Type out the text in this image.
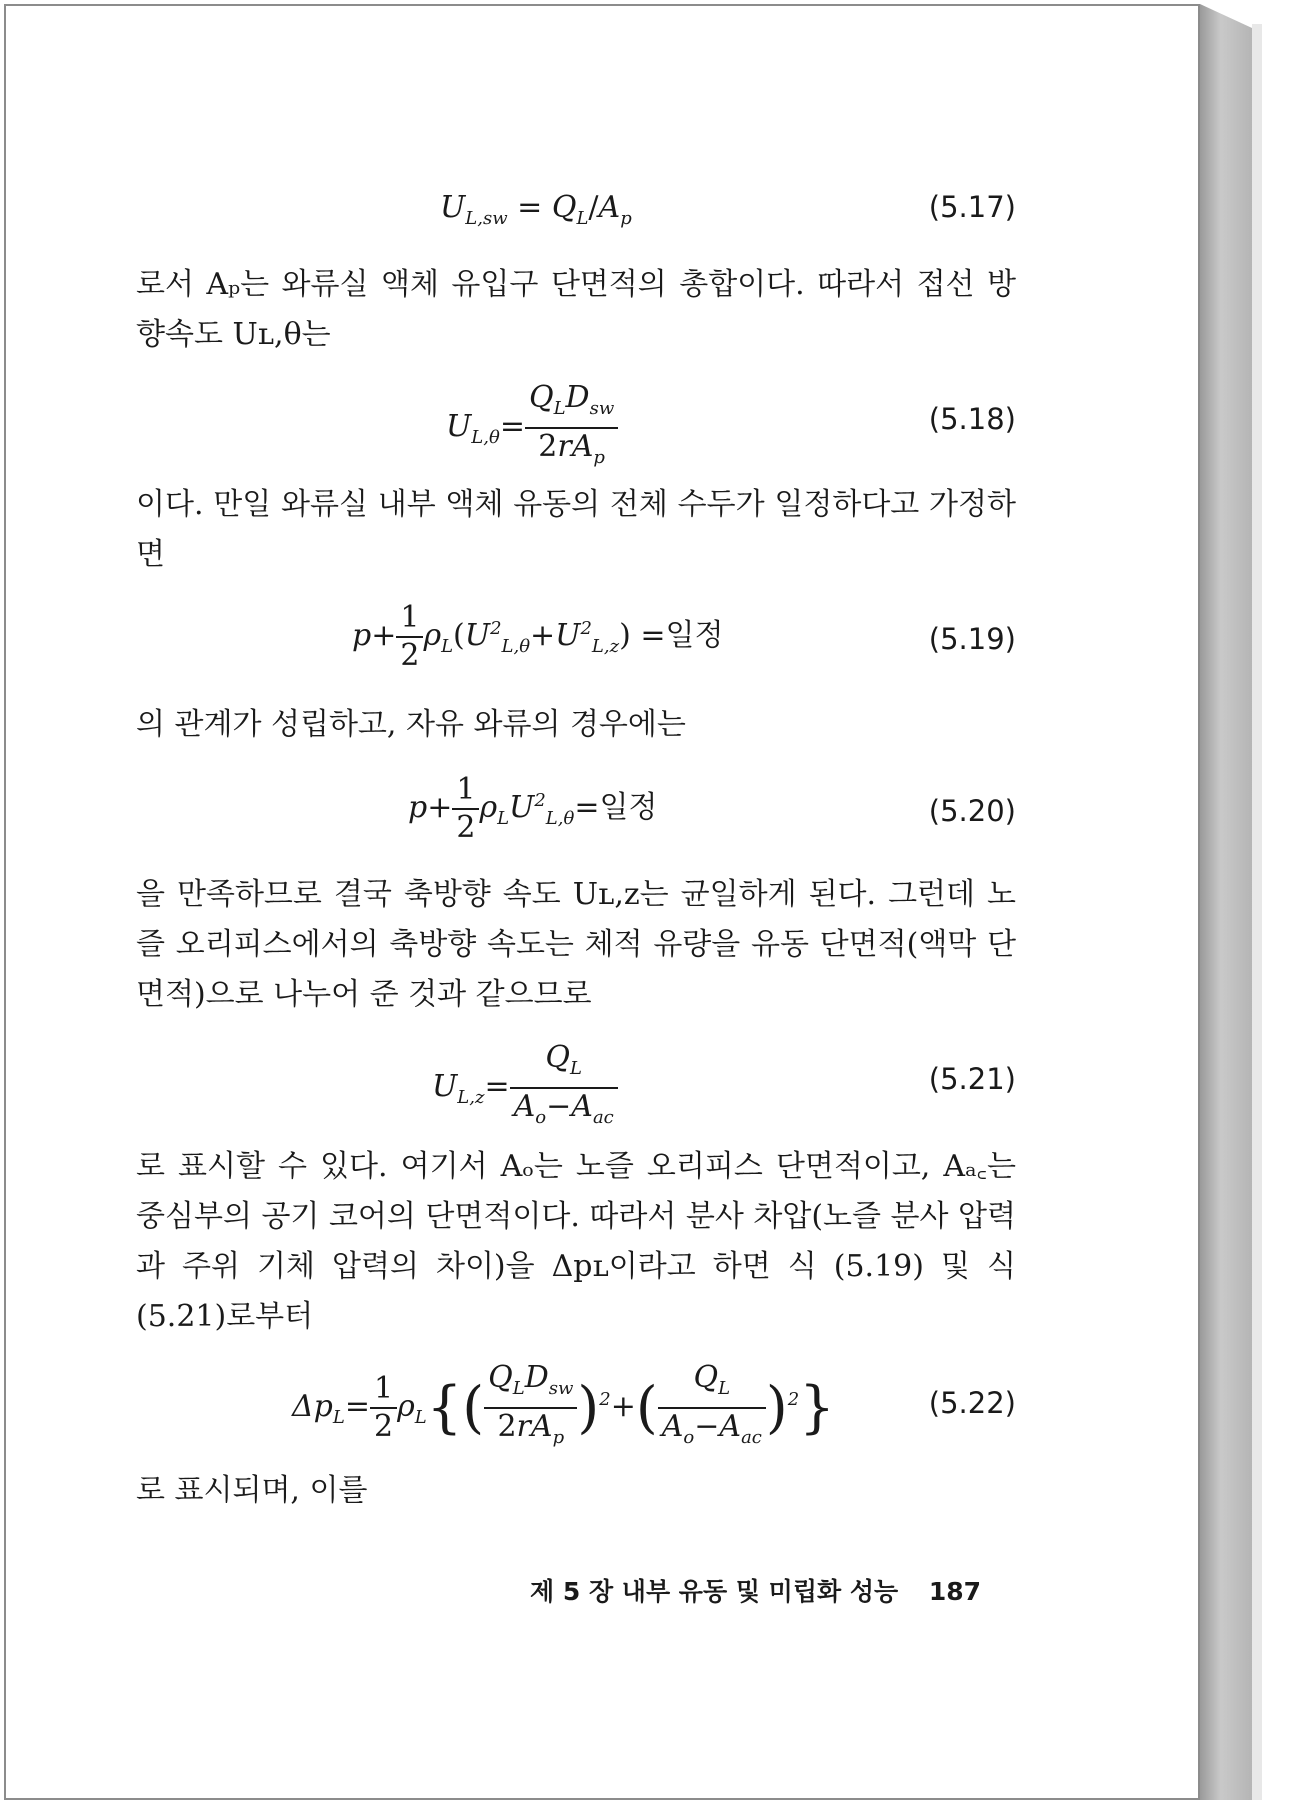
$U_{L,sw} = Q_L/A_p$	(5.17)
로서 Aₚ는 와류실 액체 유입구 단면적의 총합이다. 따라서 접선 방향속도 Uʟ,θ는
$U_{L,\theta}= \frac{Q_LD_{sw}}{2rA_p}$	(5.18)
이다. 만일 와류실 내부 액체 유동의 전체 수두가 일정하다고 가정하면
$p+ \frac{1}{2} \rho_L(U^2_{L,\theta}+U^2_{L,z})$ =일정	(5.19)
의 관계가 성립하고, 자유 와류의 경우에는
$p+ \frac{1}{2} \rho_LU^2_{L,\theta}=$일정	(5.20)
을 만족하므로 결국 축방향 속도 Uʟ,z는 균일하게 된다. 그런데 노즐 오리피스에서의 축방향 속도는 체적 유량을 유동 단면적(액막 단면적)으로 나누어 준 것과 같으므로
$U_{L,z}= \frac{Q_L}{A_o-A_{ac}}$	(5.21)
로 표시할 수 있다. 여기서 Aₒ는 노즐 오리피스 단면적이고, Aₐ꜀는 중심부의 공기 코어의 단면적이다. 따라서 분사 차압(노즐 분사 압력과 주위 기체 압력의 차이)을 Δpʟ이라고 하면 식 (5.19) 및 식 (5.21)로부터
$\Delta p_L= \frac{1}{2} \rho_L\{( \frac{Q_LD_{sw}}{2rA_p} )^2+( \frac{Q_L}{A_o-A_{ac}} )^2\}$	(5.22)
로 표시되며, 이를
제 5 장 내부 유동 및 미립화 성능 187
